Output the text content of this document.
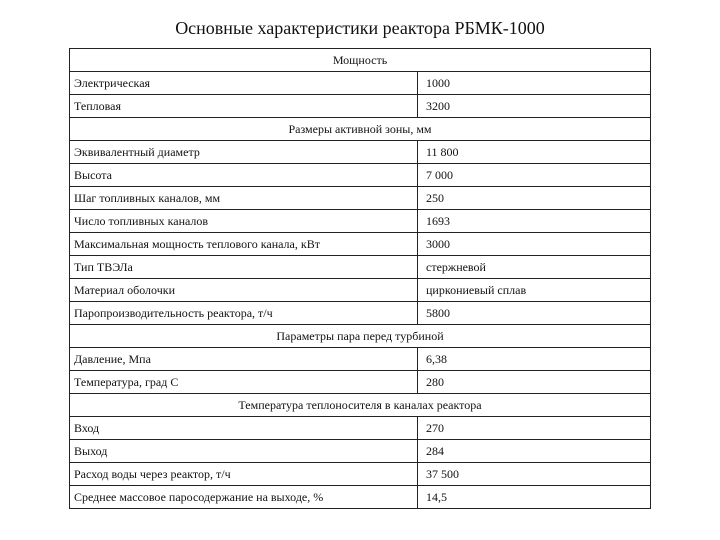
Основные характеристики реактора РБМК-1000
Мощность	
Электрическая	1000
Тепловая	3200
Размеры активной зоны, мм	
Эквивалентный диаметр	11 800
Высота	7 000
Шаг топливных каналов, мм	250
Число топливных каналов	1693
Максимальная мощность теплового канала, кВт	3000
Тип ТВЭЛа	стержневой
Материал оболочки	циркониевый сплав
Паропроизводительность реактора, т/ч	5800
Параметры пара перед турбиной	
Давление, Мпа	6,38
Температура, град С	280
Температура теплоносителя в каналах реактора	
Вход	270
Выход	284
Расход воды через реактор, т/ч	37 500
Среднее массовое паросодержание на выходе, %	14,5
